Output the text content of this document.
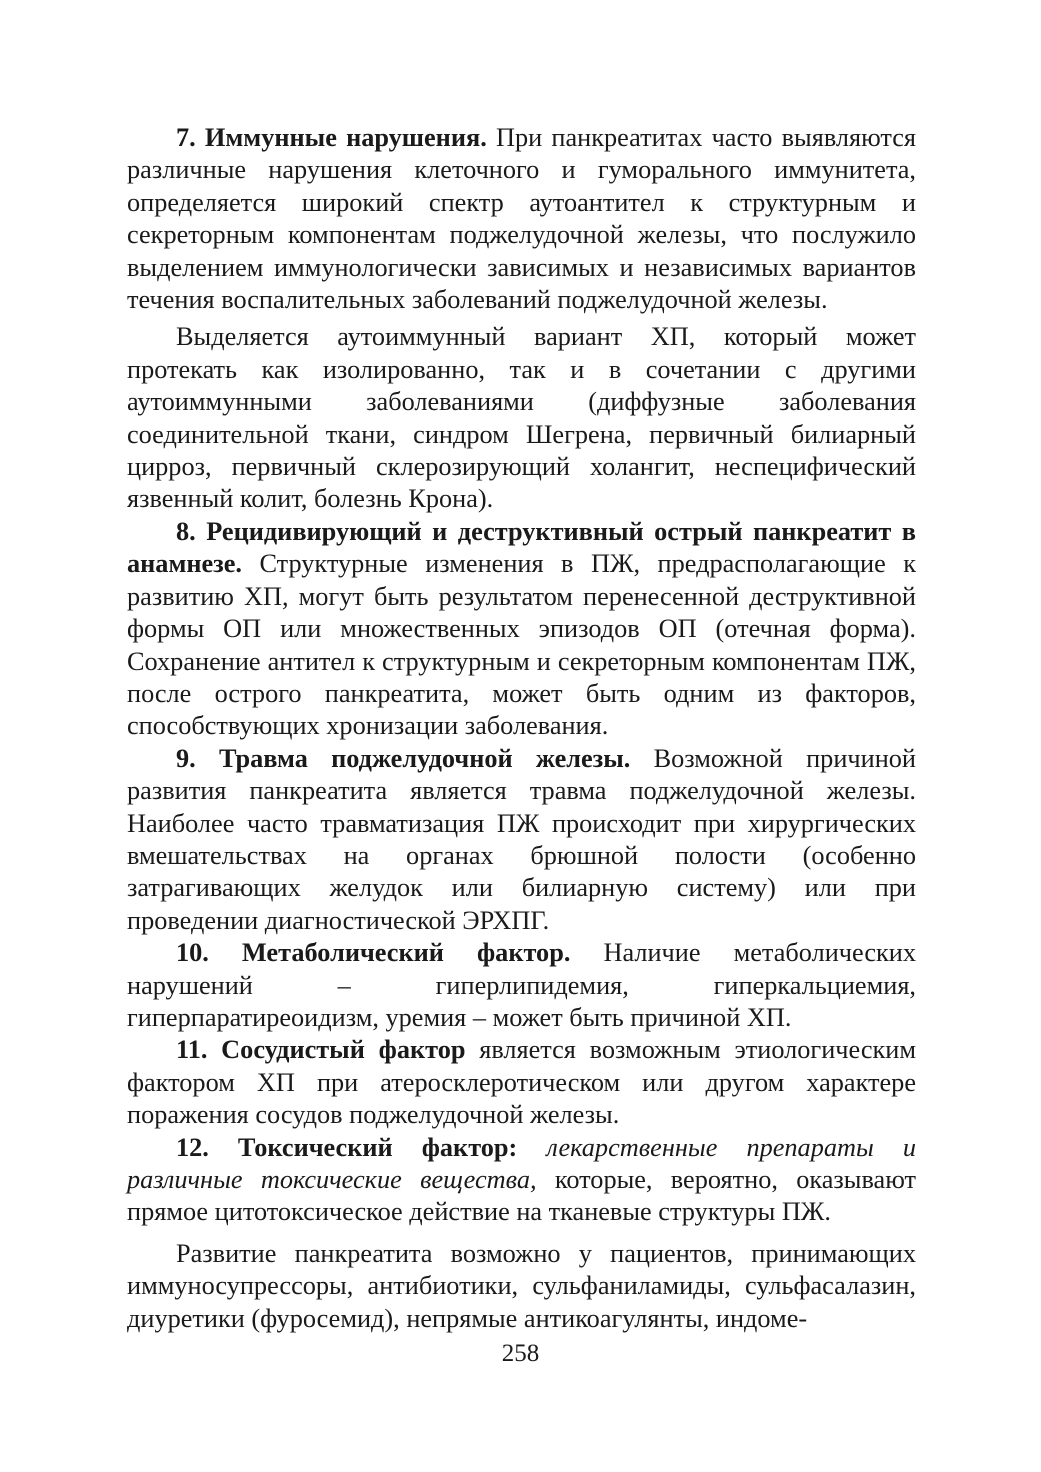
7. Иммунные нарушения. При панкреатитах часто выявляются различные нарушения клеточного и гуморального иммунитета, определяется широкий спектр аутоантител к структурным и секреторным компонентам поджелудочной железы, что послужило выделением иммунологически зависимых и независимых вариантов течения воспалительных заболеваний поджелудочной железы.

Выделяется аутоиммунный вариант ХП, который может протекать как изолированно, так и в сочетании с другими аутоиммунными заболеваниями (диффузные заболевания соединительной ткани, синдром Шегрена, первичный билиарный цирроз, первичный склерозирующий холангит, неспецифический язвенный колит, болезнь Крона).

8. Рецидивирующий и деструктивный острый панкреатит в анамнезе. Структурные изменения в ПЖ, предрасполагающие к развитию ХП, могут быть результатом перенесенной деструктивной формы ОП или множественных эпизодов ОП (отечная форма). Сохранение антител к структурным и секреторным компонентам ПЖ, после острого панкреатита, может быть одним из факторов, способствующих хронизации заболевания.

9. Травма поджелудочной железы. Возможной причиной развития панкреатита является травма поджелудочной железы. Наиболее часто травматизация ПЖ происходит при хирургических вмешательствах на органах брюшной полости (особенно затрагивающих желудок или билиарную систему) или при проведении диагностической ЭРХПГ.

10. Метаболический фактор. Наличие метаболических нарушений – гиперлипидемия, гиперкальциемия, гиперпаратиреоидизм, уремия – может быть причиной ХП.

11. Сосудистый фактор является возможным этиологическим фактором ХП при атеросклеротическом или другом характере поражения сосудов поджелудочной железы.

12. Токсический фактор: лекарственные препараты и различные токсические вещества, которые, вероятно, оказывают прямое цитотоксическое действие на тканевые структуры ПЖ.

Развитие панкреатита возможно у пациентов, принимающих иммуносупрессоры, антибиотики, сульфаниламиды, сульфасалазин, диуретики (фуросемид), непрямые антикоагулянты, индоме-

258
